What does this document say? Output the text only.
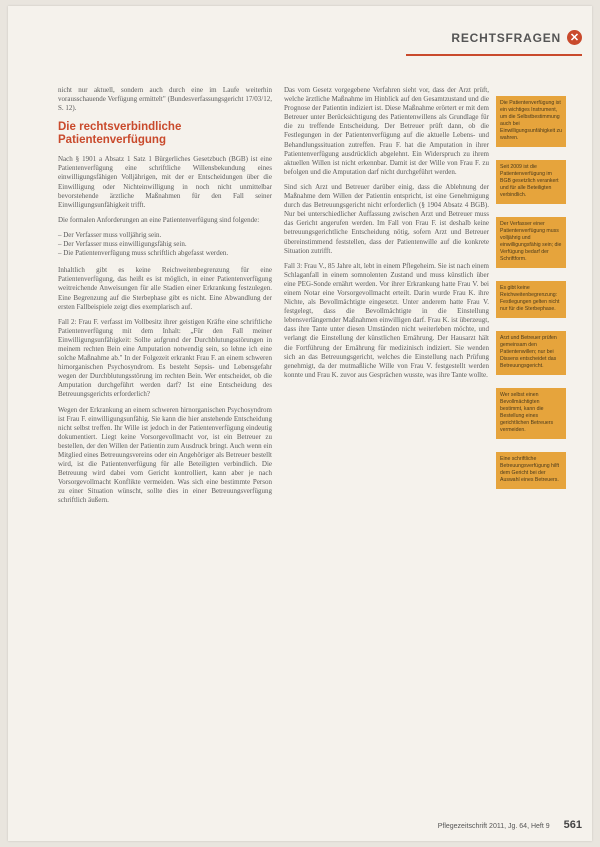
RECHTSFRAGEN ✕

nicht nur aktuell, sondern auch durch eine im Laufe weiterhin vorausschauende Verfügung ermittelt" (Bundesverfassungsgericht 17/03/12, S. 12).

Die rechtsverbindliche Patientenverfügung

Nach § 1901 a Absatz 1 Satz 1 Bürgerliches Gesetzbuch (BGB) ist eine Patientenverfügung eine schriftliche Willensbekundung eines einwilligungsfähigen Volljährigen, mit der er Entscheidungen über die Einwilligung oder Nichteinwilligung in noch nicht unmittelbar bevorstehende ärztliche Maßnahmen für den Fall seiner Einwilligungsunfähigkeit trifft.

Die formalen Anforderungen an eine Patientenverfügung sind folgende:

– Der Verfasser muss volljährig sein.
– Der Verfasser muss einwilligungsfähig sein.
– Die Patientenverfügung muss schriftlich abgefasst werden.

Inhaltlich gibt es keine Reichweitenbegrenzung für eine Patientenverfügung, das heißt es ist möglich, in einer Patientenverfügung weitreichende Anweisungen für alle Stadien einer Erkrankung festzulegen. Eine Begrenzung auf die Sterbephase gibt es nicht. Eine Abwandlung der ersten Fallbeispiele zeigt dies exemplarisch auf.

Fall 2: Frau F. verfasst im Vollbesitz ihrer geistigen Kräfte eine schriftliche Patientenverfügung mit dem Inhalt: „Für den Fall meiner Einwilligungsunfähigkeit: Sollte aufgrund der Durchblutungsstörungen in meinem rechten Bein eine Amputation notwendig sein, so lehne ich eine solche Maßnahme ab." In der Folgezeit erkrankt Frau F. an einem schweren hirnorganischen Psychosyndrom. Es besteht Sepsis- und Lebensgefahr wegen der Durchblutungsstörung im rechten Bein. Wer entscheidet, ob die Amputation durchgeführt werden darf? Ist eine Entscheidung des Betreuungsgerichts erforderlich?

Wegen der Erkrankung an einem schweren hirnorganischen Psychosyndrom ist Frau F. einwilligungsunfähig. Sie kann die hier anstehende Entscheidung nicht selbst treffen. Ihr Wille ist jedoch in der Patientenverfügung eindeutig dokumentiert. Liegt keine Vorsorgevollmacht vor, ist ein Betreuer zu bestellen, der den Willen der Patientin zum Ausdruck bringt. Auch wenn ein Mitglied eines Betreuungsvereins oder ein Angehöriger als Betreuer bestellt wird, ist die Patientenverfügung für alle Beteiligten verbindlich. Die Betreuung wird dabei vom Gericht kontrolliert, kann aber je nach Vorsorgevollmacht Konflikte vermeiden. Was sich eine bestimmte Person zu einer Situation wünscht, sollte dies in einer Betreuungsverfügung schriftlich äußern.

Das vom Gesetz vorgegebene Verfahren sieht vor, dass der Arzt prüft, welche ärztliche Maßnahme im Hinblick auf den Gesamtzustand und die Prognose der Patientin indiziert ist. Diese Maßnahme erörtert er mit dem Betreuer unter Berücksichtigung des Patientenwillens als Grundlage für die zu treffende Entscheidung. Der Betreuer prüft dann, ob die Festlegungen in der Patientenverfügung auf die aktuelle Lebens- und Behandlungssituation zutreffen. Frau F. hat die Amputation in ihrer Patientenverfügung ausdrücklich abgelehnt. Ein Widerspruch zu ihrem aktuellen Willen ist nicht erkennbar. Damit ist der Wille von Frau F. zu befolgen und die Amputation darf nicht durchgeführt werden.

Sind sich Arzt und Betreuer darüber einig, dass die Ablehnung der Maßnahme dem Willen der Patientin entspricht, ist eine Genehmigung durch das Betreuungsgericht nicht erforderlich (§ 1904 Absatz 4 BGB). Nur bei unterschiedlicher Auffassung zwischen Arzt und Betreuer muss das Gericht angerufen werden. Im Fall von Frau F. ist deshalb keine betreuungsgerichtliche Entscheidung nötig, sofern Arzt und Betreuer übereinstimmend feststellen, dass der Patientenwille auf die konkrete Situation zutrifft.

Fall 3: Frau V., 85 Jahre alt, lebt in einem Pflegeheim. Sie ist nach einem Schlaganfall in einem somnolenten Zustand und muss künstlich über eine PEG-Sonde ernährt werden. Vor ihrer Erkrankung hatte Frau V. bei einem Notar eine Vorsorgevollmacht erteilt. Darin wurde Frau K. ihre Nichte, als Bevollmächtigte eingesetzt. Unter anderem hatte Frau V. festgelegt, dass die Bevollmächtigte in die Einstellung lebensverlängernder Maßnahmen einwilligen darf. Frau K. ist überzeugt, dass ihre Tante unter diesen Umständen nicht weiterleben möchte, und verlangt die Einstellung der künstlichen Ernährung. Der Hausarzt hält die Fortführung der Ernährung für medizinisch indiziert. Sie wenden sich an das Betreuungsgericht, welches die Einstellung nach Prüfung genehmigt, da der mutmaßliche Wille von Frau V. festgestellt werden konnte und Frau K. zuvor aus Gesprächen wusste, was ihre Tante wollte.

Die Patientenverfügung ist ein wichtiges Instrument, um die Selbstbestimmung auch bei Einwilligungsunfähigkeit zu wahren.
Seit 2009 ist die Patientenverfügung im BGB gesetzlich verankert und für alle Beteiligten verbindlich.
Der Verfasser einer Patientenverfügung muss volljährig und einwilligungsfähig sein; die Verfügung bedarf der Schriftform.
Es gibt keine Reichweitenbegrenzung: Festlegungen gelten nicht nur für die Sterbephase.
Arzt und Betreuer prüfen gemeinsam den Patientenwillen; nur bei Dissens entscheidet das Betreuungsgericht.
Wer selbst einen Bevollmächtigten bestimmt, kann die Bestellung eines gerichtlichen Betreuers vermeiden.
Eine schriftliche Betreuungsverfügung hilft dem Gericht bei der Auswahl eines Betreuers.
Pflegezeitschrift 2011, Jg. 64, Heft 9 561
